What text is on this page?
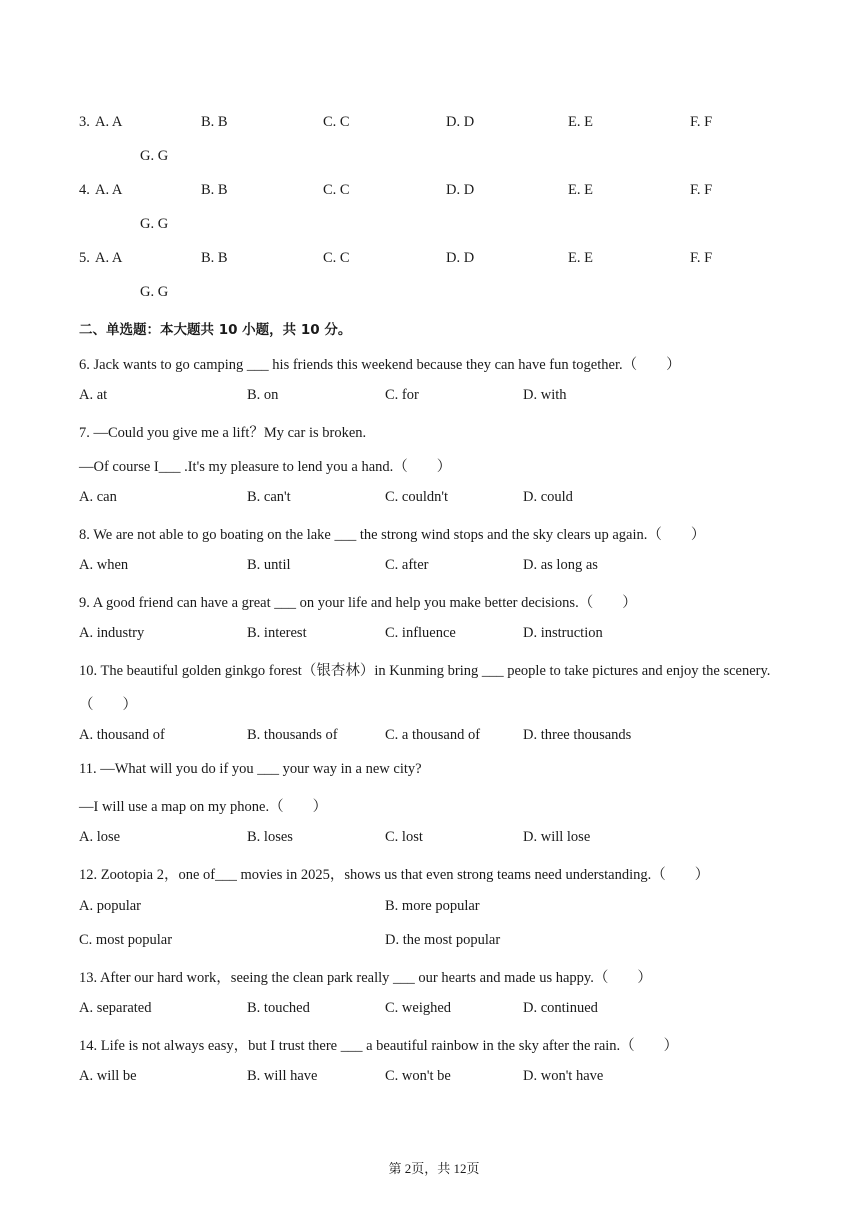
3. A. A	B. B	C. C	D. D	E. E	F. F
G. G
4. A. A	B. B	C. C	D. D	E. E	F. F
G. G
5. A. A	B. B	C. C	D. D	E. E	F. F
G. G
二、单选题：本大题共 10 小题，共 10 分。
6. Jack wants to go camping ___ his friends this weekend because they can have fun together.（　　）
A. at	B. on	C. for	D. with
7. —Could you give me a lift？My car is broken.
—Of course I___ .It's my pleasure to lend you a hand.（　　）
A. can	B. can't	C. couldn't	D. could
8. We are not able to go boating on the lake ___ the strong wind stops and the sky clears up again.（　　）
A. when	B. until	C. after	D. as long as
9. A good friend can have a great ___ on your life and help you make better decisions.（　　）
A. industry	B. interest	C. influence	D. instruction
10. The beautiful golden ginkgo forest（银杏林）in Kunming bring ___ people to take pictures and enjoy the scenery.
（　　）
A. thousand of	B. thousands of	C. a thousand of	D. three thousands
11. —What will you do if you ___ your way in a new city?
—I will use a map on my phone.（　　）
A. lose	B. loses	C. lost	D. will lose
12. Zootopia 2，one of___ movies in 2025，shows us that even strong teams need understanding.（　　）
A. popular	B. more popular
C. most popular	D. the most popular
13. After our hard work，seeing the clean park really ___ our hearts and made us happy.（　　）
A. separated	B. touched	C. weighed	D. continued
14. Life is not always easy，but I trust there ___ a beautiful rainbow in the sky after the rain.（　　）
A. will be	B. will have	C. won't be	D. won't have
第 2页，共 12页
